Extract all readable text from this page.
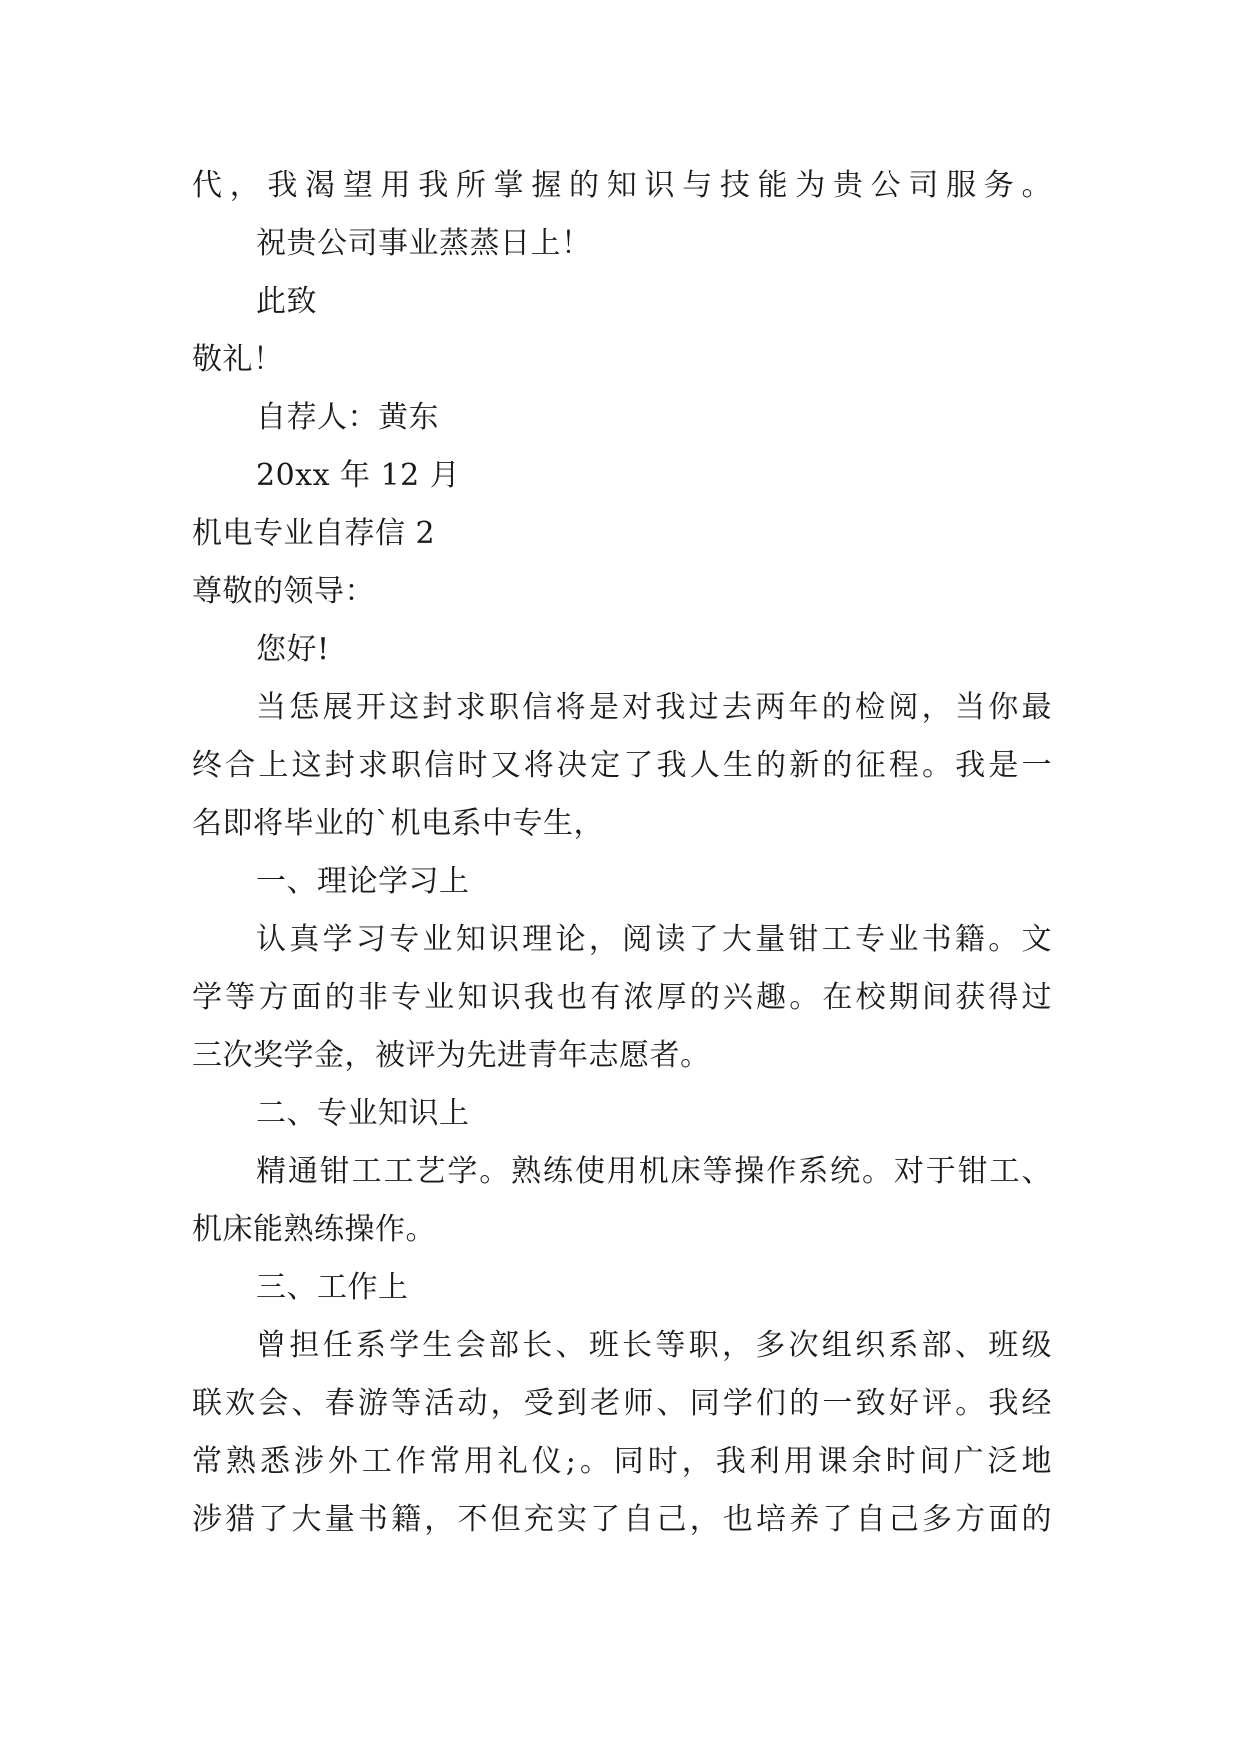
代，我渴望用我所掌握的知识与技能为贵公司服务。
祝贵公司事业蒸蒸日上！
此致
敬礼！
自荐人：黄东
20xx 年 12 月
机电专业自荐信 2
尊敬的领导：
您好!
当恁展开这封求职信将是对我过去两年的检阅，当你最
终合上这封求职信时又将决定了我人生的新的征程。我是一
名即将毕业的`机电系中专生，
一、理论学习上
认真学习专业知识理论，阅读了大量钳工专业书籍。文
学等方面的非专业知识我也有浓厚的兴趣。在校期间获得过
三次奖学金，被评为先进青年志愿者。
二、专业知识上
精通钳工工艺学。熟练使用机床等操作系统。对于钳工、
机床能熟练操作。
三、工作上
曾担任系学生会部长、班长等职，多次组织系部、班级
联欢会、春游等活动，受到老师、同学们的一致好评。我经
常熟悉涉外工作常用礼仪;。同时，我利用课余时间广泛地
涉猎了大量书籍，不但充实了自己，也培养了自己多方面的
